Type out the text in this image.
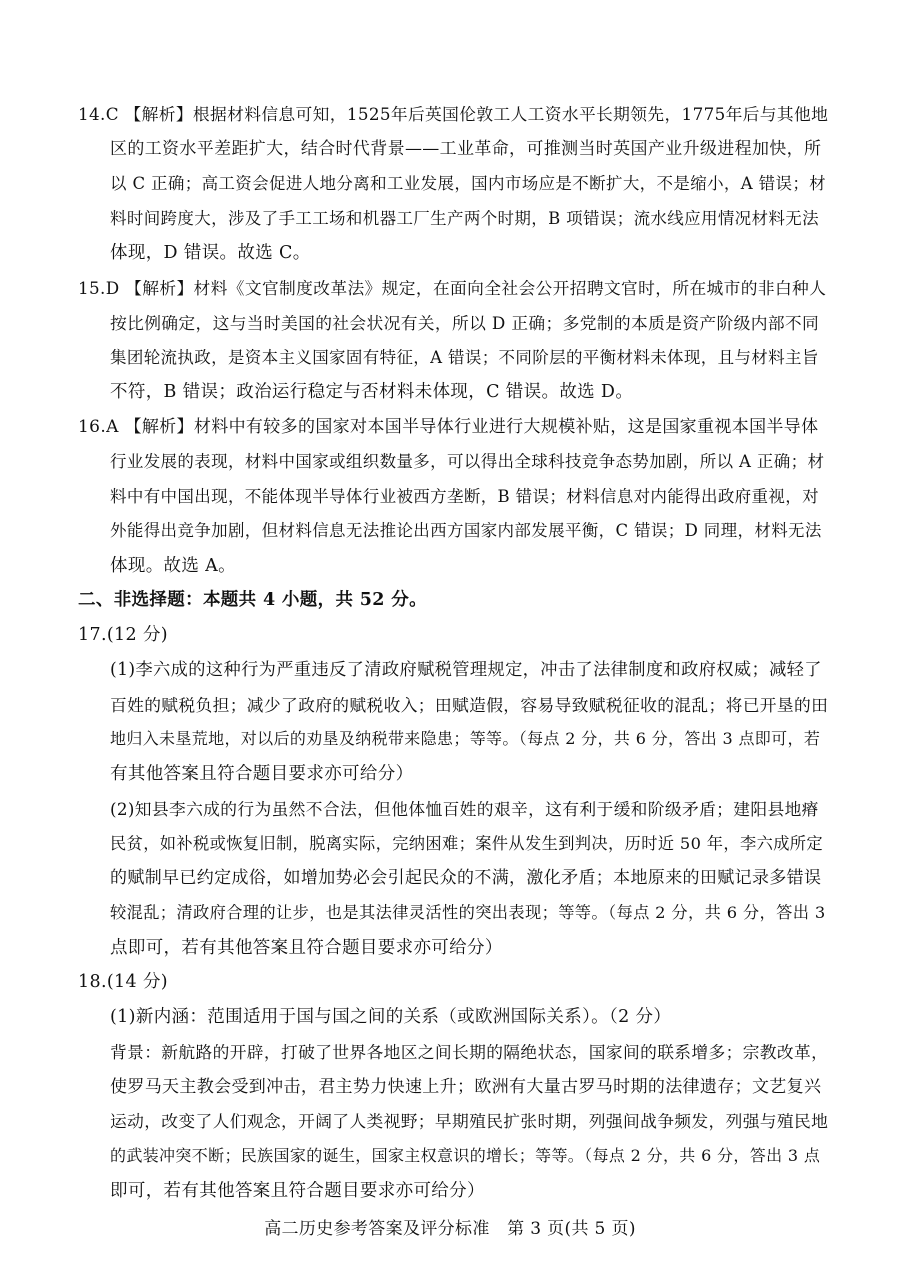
14.C 【解析】根据材料信息可知，1525年后英国伦敦工人工资水平长期领先，1775年后与其他地
区的工资水平差距扩大，结合时代背景——工业革命，可推测当时英国产业升级进程加快，所
以 C 正确；高工资会促进人地分离和工业发展，国内市场应是不断扩大，不是缩小，A 错误；材
料时间跨度大，涉及了手工工场和机器工厂生产两个时期，B 项错误；流水线应用情况材料无法
体现，D 错误。故选 C。
15.D 【解析】材料《文官制度改革法》规定，在面向全社会公开招聘文官时，所在城市的非白种人
按比例确定，这与当时美国的社会状况有关，所以 D 正确；多党制的本质是资产阶级内部不同
集团轮流执政，是资本主义国家固有特征，A 错误；不同阶层的平衡材料未体现，且与材料主旨
不符，B 错误；政治运行稳定与否材料未体现，C 错误。故选 D。
16.A 【解析】材料中有较多的国家对本国半导体行业进行大规模补贴，这是国家重视本国半导体
行业发展的表现，材料中国家或组织数量多，可以得出全球科技竞争态势加剧，所以 A 正确；材
料中有中国出现，不能体现半导体行业被西方垄断，B 错误；材料信息对内能得出政府重视，对
外能得出竞争加剧，但材料信息无法推论出西方国家内部发展平衡，C 错误；D 同理，材料无法
体现。故选 A。
二、非选择题：本题共 4 小题，共 52 分。
17.(12 分)
(1)李六成的这种行为严重违反了清政府赋税管理规定，冲击了法律制度和政府权威；减轻了
百姓的赋税负担；减少了政府的赋税收入；田赋造假，容易导致赋税征收的混乱；将已开垦的田
地归入未垦荒地，对以后的劝垦及纳税带来隐患；等等。（每点 2 分，共 6 分，答出 3 点即可，若
有其他答案且符合题目要求亦可给分）
(2)知县李六成的行为虽然不合法，但他体恤百姓的艰辛，这有利于缓和阶级矛盾；建阳县地瘠
民贫，如补税或恢复旧制，脱离实际，完纳困难；案件从发生到判决，历时近 50 年，李六成所定
的赋制早已约定成俗，如增加势必会引起民众的不满，激化矛盾；本地原来的田赋记录多错误
较混乱；清政府合理的让步，也是其法律灵活性的突出表现；等等。（每点 2 分，共 6 分，答出 3
点即可，若有其他答案且符合题目要求亦可给分）
18.(14 分)
(1)新内涵：范围适用于国与国之间的关系（或欧洲国际关系）。（2 分）
背景：新航路的开辟，打破了世界各地区之间长期的隔绝状态，国家间的联系增多；宗教改革，
使罗马天主教会受到冲击，君主势力快速上升；欧洲有大量古罗马时期的法律遗存；文艺复兴
运动，改变了人们观念，开阔了人类视野；早期殖民扩张时期，列强间战争频发，列强与殖民地
的武装冲突不断；民族国家的诞生，国家主权意识的增长；等等。（每点 2 分，共 6 分，答出 3 点
即可，若有其他答案且符合题目要求亦可给分）
高二历史参考答案及评分标准　第 3 页(共 5 页)
